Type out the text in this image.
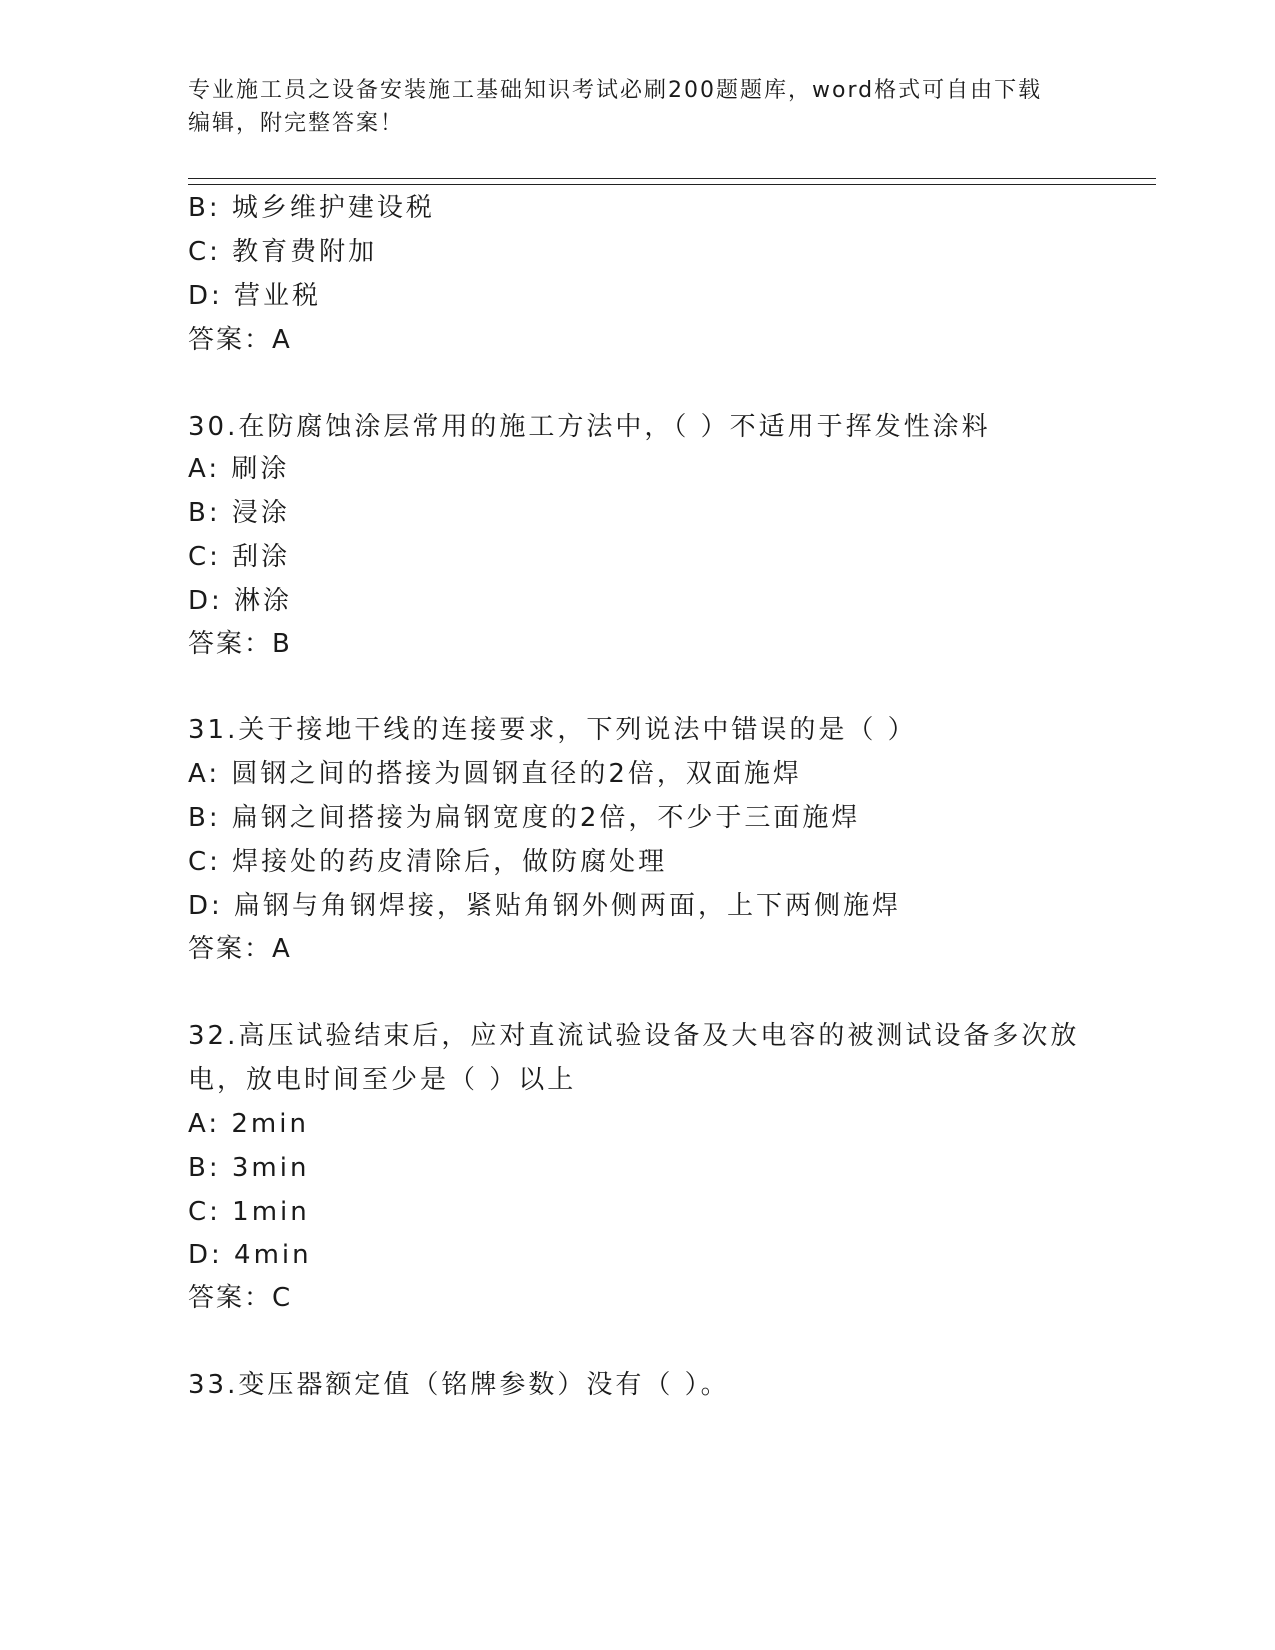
专业施工员之设备安装施工基础知识考试必刷200题题库，word格式可自由下载
编辑，附完整答案！
B: 城乡维护建设税
C: 教育费附加
D: 营业税
答案：A
30.在防腐蚀涂层常用的施工方法中，（ ）不适用于挥发性涂料
A: 刷涂
B: 浸涂
C: 刮涂
D: 淋涂
答案：B
31.关于接地干线的连接要求，下列说法中错误的是（ ）
A: 圆钢之间的搭接为圆钢直径的2倍，双面施焊
B: 扁钢之间搭接为扁钢宽度的2倍，不少于三面施焊
C: 焊接处的药皮清除后，做防腐处理
D: 扁钢与角钢焊接，紧贴角钢外侧两面，上下两侧施焊
答案：A
32.高压试验结束后，应对直流试验设备及大电容的被测试设备多次放
电，放电时间至少是（ ）以上
A: 2min
B: 3min
C: 1min
D: 4min
答案：C
33.变压器额定值（铭牌参数）没有（ ）。
